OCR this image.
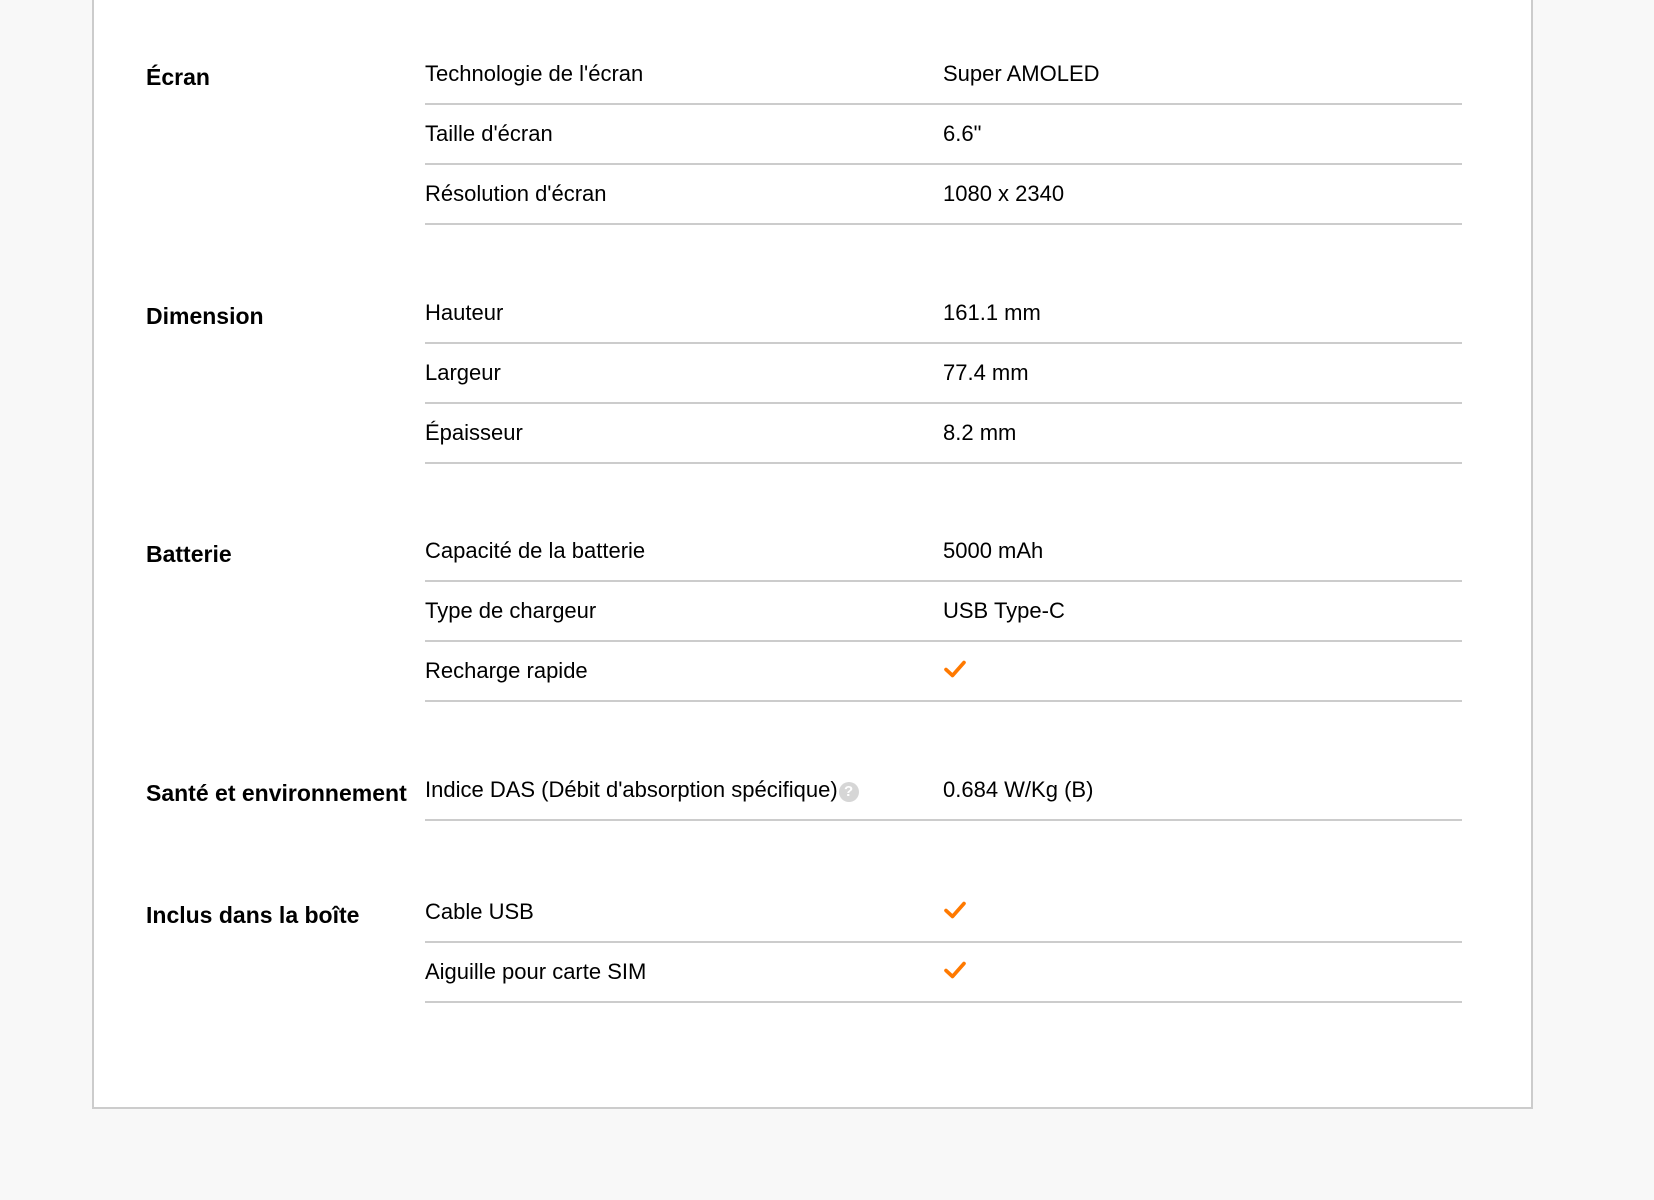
Écran	Technologie de l'écran	Super AMOLED
Taille d'écran	6.6"
Résolution d'écran	1080 x 2340
Dimension	Hauteur	161.1 mm
Largeur	77.4 mm
Épaisseur	8.2 mm
Batterie	Capacité de la batterie	5000 mAh
Type de chargeur	USB Type-C
Recharge rapide
Santé et environnement Indice DAS (Débit d'absorption spécifique) ?	0.684 W/Kg (B)
Inclus dans la boîte	Cable USB
Aiguille pour carte SIM
